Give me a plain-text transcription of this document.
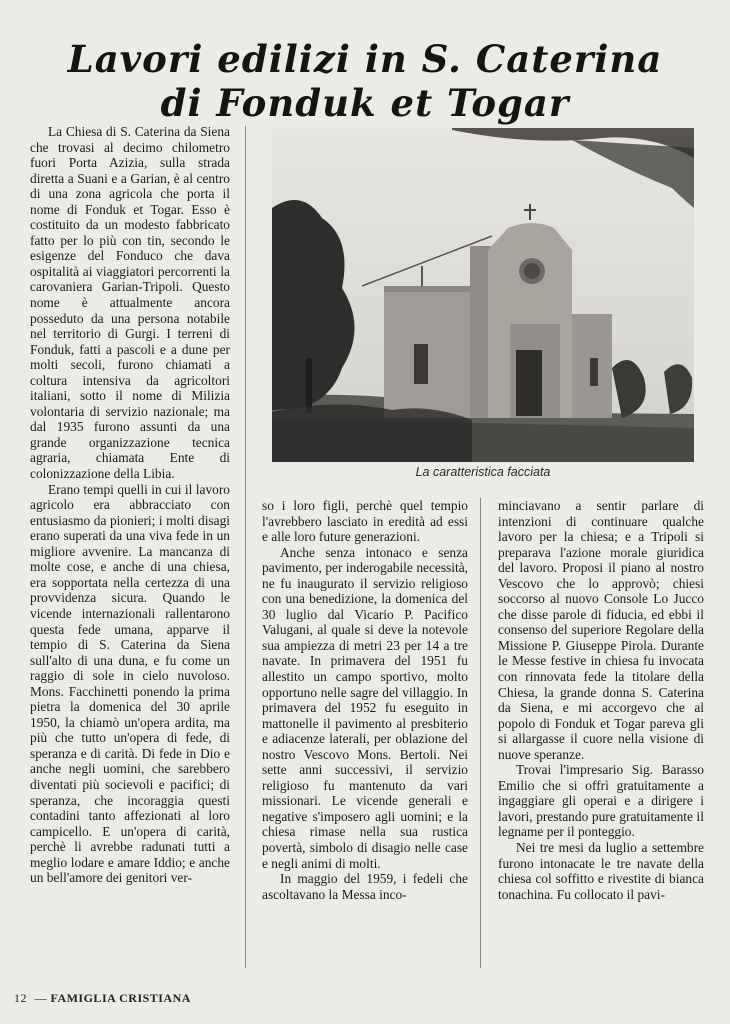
Lavori edilizi in S. Caterina
di Fonduk et Togar

La Chiesa di S. Caterina da Siena che trovasi al decimo chilometro fuori Porta Azizia, sulla strada diretta a Suani e a Garian, è al centro di una zona agricola che porta il nome di Fonduk et Togar. Esso è costituito da un modesto fabbricato fatto per lo più con tin, secondo le esigenze del Fonduco che dava ospitalità ai viaggiatori percorrenti la carovaniera Garian-Tripoli. Questo nome è attualmente ancora posseduto da una persona notabile nel territorio di Gurgi. I terreni di Fonduk, fatti a pascoli e a dune per molti secoli, furono chiamati a coltura intensiva da agricoltori italiani, sotto il nome di Milizia volontaria di servizio nazionale; ma dal 1935 furono assunti da una grande organizzazione tecnica agraria, chiamata Ente di colonizzazione della Libia.

Erano tempi quelli in cui il lavoro agricolo era abbracciato con entusiasmo da pionieri; i molti disagi erano superati da una viva fede in un migliore avvenire. La mancanza di molte cose, e anche di una chiesa, era sopportata nella certezza di una provvidenza sicura. Quando le vicende internazionali rallentarono questa fede umana, apparve il tempio di S. Caterina da Siena sull'alto di una duna, e fu come un raggio di sole in cielo nuvoloso. Mons. Facchinetti ponendo la prima pietra la domenica del 30 aprile 1950, la chiamò un'opera ardita, ma più che tutto un'opera di fede, di speranza e di carità. Di fede in Dio e anche negli uomini, che sarebbero diventati più socievoli e pacifici; di speranza, che incoraggia questi contadini tanto affezionati al loro campicello. E un'opera di carità, perchè li avrebbe radunati tutti a meglio lodare e amare Iddio; e anche un bell'amore dei genitori ver-

La caratteristica facciata

so i loro figli, perchè quel tempio l'avrebbero lasciato in eredità ad essi e alle loro future generazioni.

Anche senza intonaco e senza pavimento, per inderogabile necessità, ne fu inaugurato il servizio religioso con una benedizione, la domenica del 30 luglio dal Vicario P. Pacifico Valugani, al quale si deve la notevole sua ampiezza di metri 23 per 14 a tre navate. In primavera del 1951 fu allestito un campo sportivo, molto opportuno nelle sagre del villaggio. In primavera del 1952 fu eseguito in mattonelle il pavimento al presbiterio e adiacenze laterali, per oblazione del nostro Vescovo Mons. Bertoli. Nei sette anni successivi, il servizio religioso fu mantenuto da vari missionari. Le vicende generali e negative s'imposero agli uomini; e la chiesa rimase nella sua rustica povertà, simbolo di disagio nelle case e negli animi di molti.

In maggio del 1959, i fedeli che ascoltavano la Messa inco-

minciavano a sentir parlare di intenzioni di continuare qualche lavoro per la chiesa; e a Tripoli si preparava l'azione morale giuridica del lavoro. Proposi il piano al nostro Vescovo che lo approvò; chiesi soccorso al nuovo Console Lo Jucco che disse parole di fiducia, ed ebbi il consenso del superiore Regolare della Missione P. Giuseppe Pirola. Durante le Messe festive in chiesa fu invocata con rinnovata fede la titolare della Chiesa, la grande donna S. Caterina da Siena, e mi accorgevo che al popolo di Fonduk et Togar pareva gli si allargasse il cuore nella visione di nuove speranze.

Trovai l'impresario Sig. Barasso Emilio che si offrì gratuitamente a ingaggiare gli operai e a dirigere i lavori, prestando pure gratuitamente il legname per il ponteggio.

Nei tre mesi da luglio a settembre furono intonacate le tre navate della chiesa col soffitto e rivestite di bianca tonachina. Fu collocato il pavi-

12 — FAMIGLIA CRISTIANA
